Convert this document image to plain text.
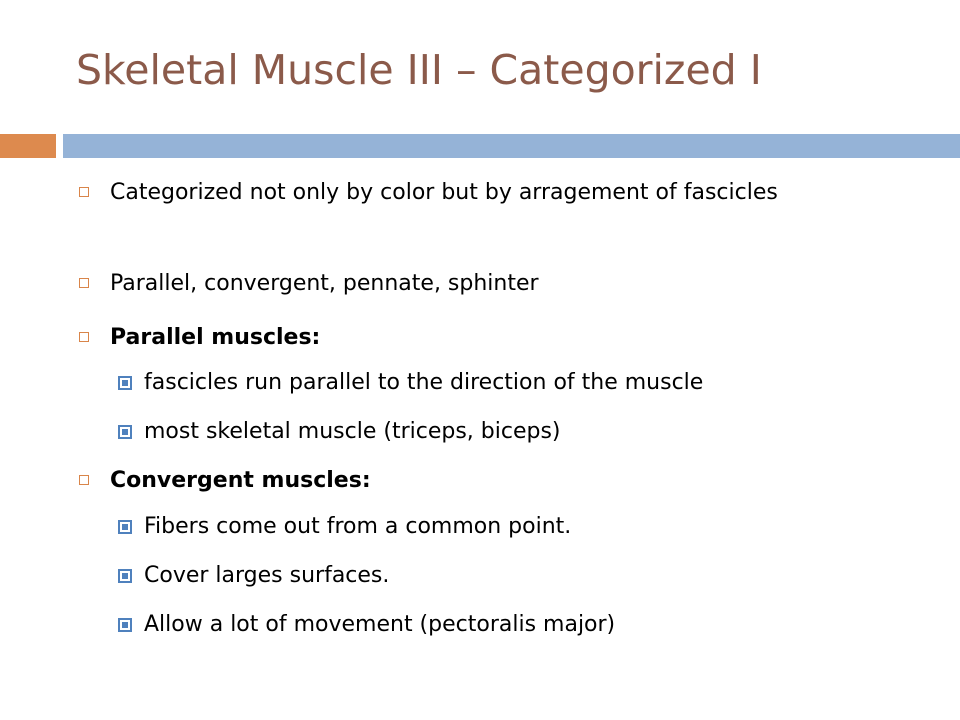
Skeletal Muscle III – Categorized I
Categorized not only by color but by arragement of fascicles
Parallel, convergent, pennate, sphinter
Parallel muscles:
fascicles run parallel to the direction of the muscle
most skeletal muscle (triceps, biceps)
Convergent muscles:
Fibers come out from a common point.
Cover larges surfaces.
Allow a lot of movement (pectoralis major)
